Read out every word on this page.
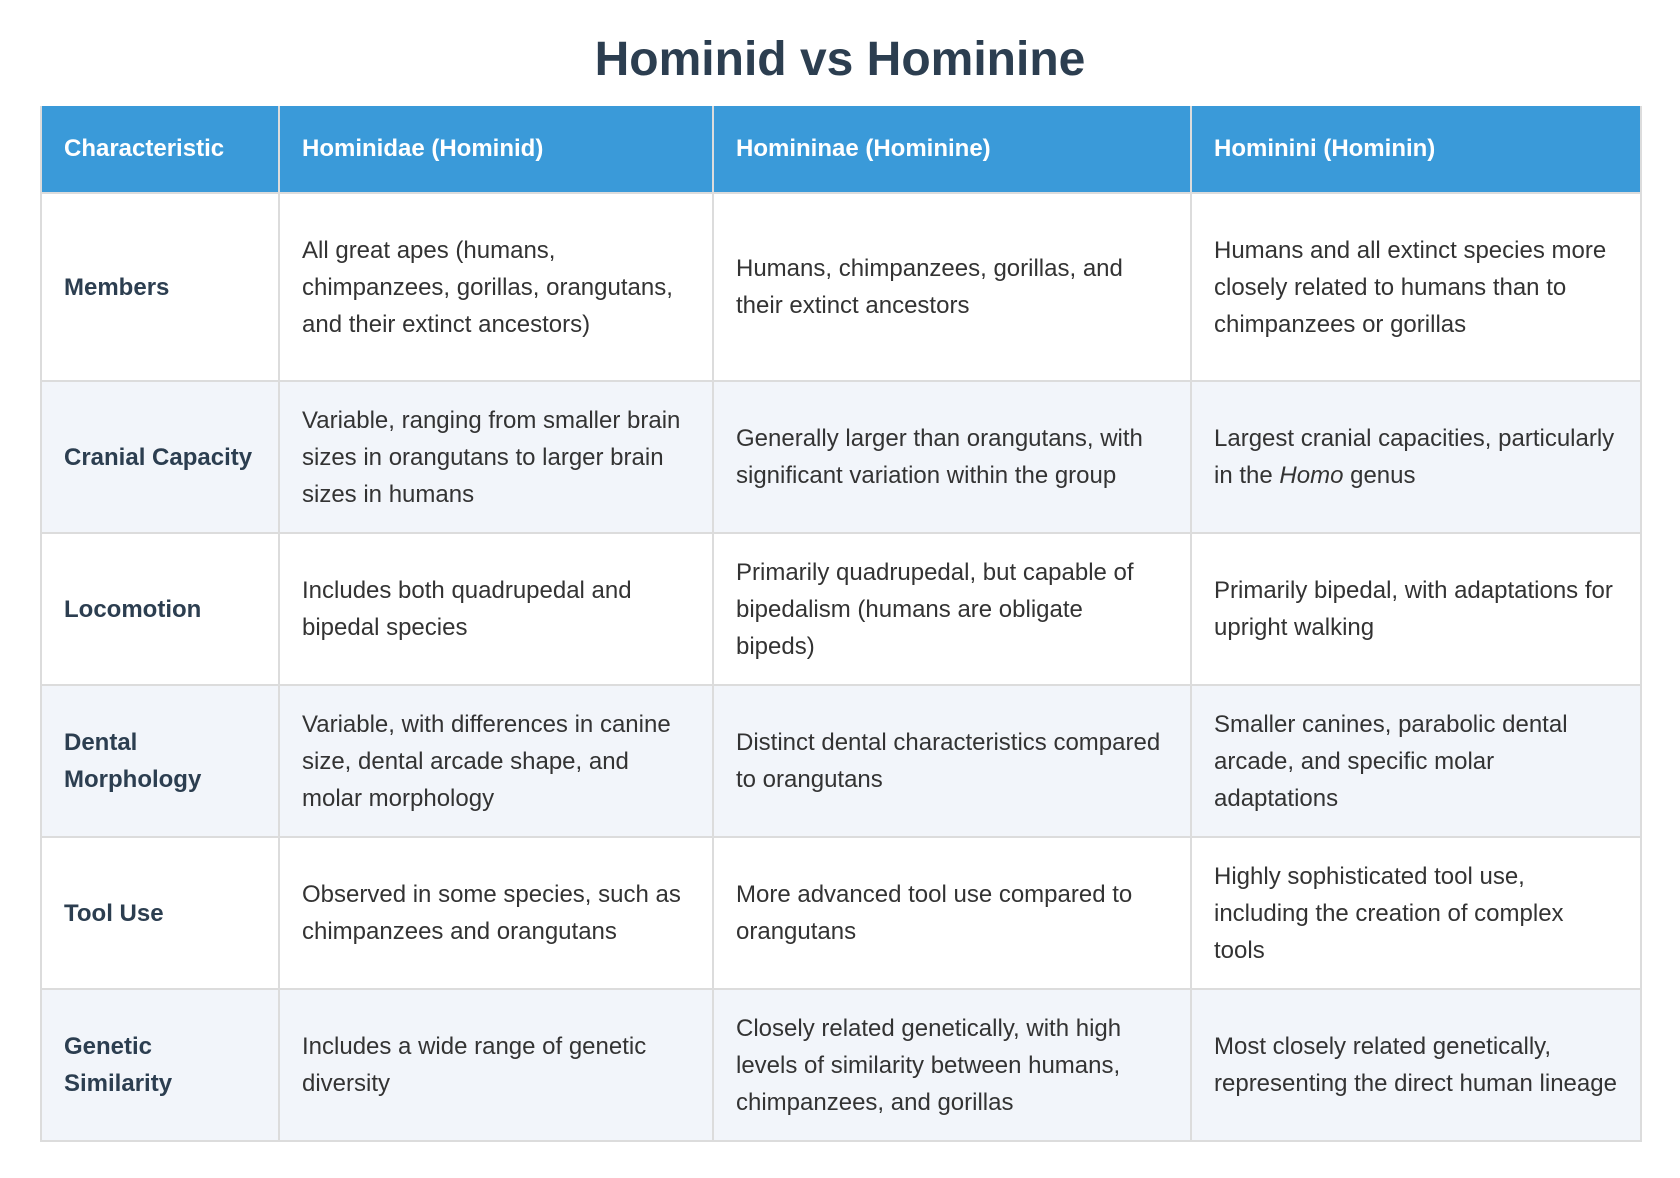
Hominid vs Hominine
Characteristic	Hominidae (Hominid)	Homininae (Hominine)	Hominini (Hominin)
Members	All great apes (humans, chimpanzees, gorillas, orangutans, and their extinct ancestors)	Humans, chimpanzees, gorillas, and their extinct ancestors	Humans and all extinct species more closely related to humans than to chimpanzees or gorillas
Cranial Capacity	Variable, ranging from smaller brain sizes in orangutans to larger brain sizes in humans	Generally larger than orangutans, with significant variation within the group	Largest cranial capacities, particularly in the Homo genus
Locomotion	Includes both quadrupedal and bipedal species	Primarily quadrupedal, but capable of bipedalism (humans are obligate bipeds)	Primarily bipedal, with adaptations for upright walking
Dental Morphology	Variable, with differences in canine size, dental arcade shape, and molar morphology	Distinct dental characteristics compared to orangutans	Smaller canines, parabolic dental arcade, and specific molar adaptations
Tool Use	Observed in some species, such as chimpanzees and orangutans	More advanced tool use compared to orangutans	Highly sophisticated tool use, including the creation of complex tools
Genetic Similarity	Includes a wide range of genetic diversity	Closely related genetically, with high levels of similarity between humans, chimpanzees, and gorillas	Most closely related genetically, representing the direct human lineage
